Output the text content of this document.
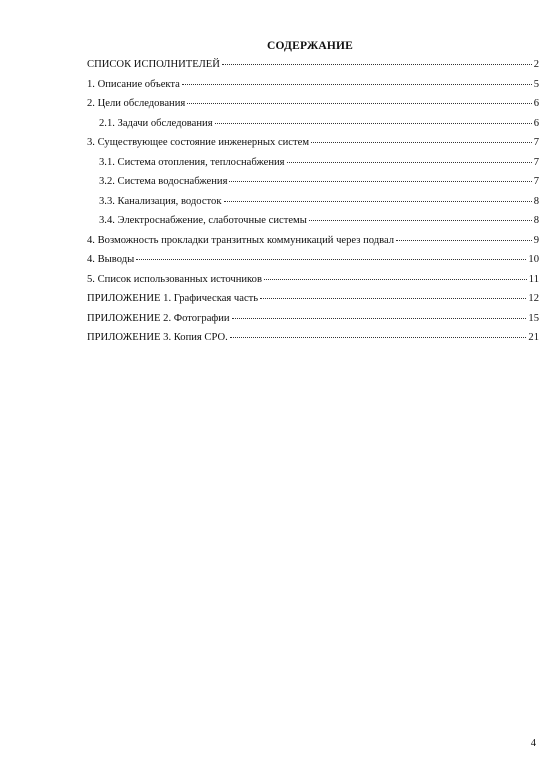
СОДЕРЖАНИЕ
СПИСОК ИСПОЛНИТЕЛЕЙ	2
1. Описание объекта	5
2. Цели обследования	6
2.1. Задачи обследования	6
3. Существующее состояние инженерных систем	7
3.1. Система отопления, теплоснабжения	7
3.2. Система водоснабжения	7
3.3. Канализация, водосток	8
3.4. Электроснабжение, слаботочные системы	8
4. Возможность прокладки транзитных коммуникаций через подвал	9
4. Выводы	10
5. Список использованных источников	11
ПРИЛОЖЕНИЕ 1. Графическая часть	12
ПРИЛОЖЕНИЕ 2. Фотографии	15
ПРИЛОЖЕНИЕ 3. Копия СРО.	21
4
